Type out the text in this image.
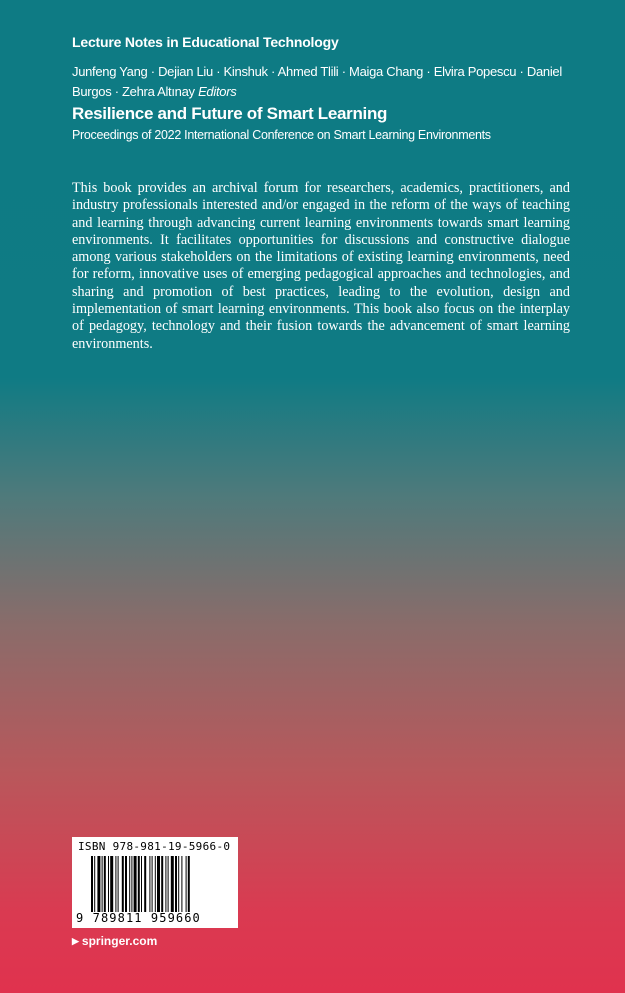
Lecture Notes in Educational Technology
Junfeng Yang · Dejian Liu · Kinshuk · Ahmed Tlili · Maiga Chang · Elvira Popescu · Daniel Burgos · Zehra Altınay Editors
Resilience and Future of Smart Learning
Proceedings of 2022 International Conference on Smart Learning Environments

This book provides an archival forum for researchers, academics, practitioners, and industry professionals interested and/or engaged in the reform of the ways of teaching and learning through advancing current learning environments towards smart learning environments. It facilitates opportunities for discussions and constructive dialogue among various stakeholders on the limitations of existing learning environments, need for reform, innovative uses of emerging pedagogical approaches and technologies, and sharing and promotion of best practices, leading to the evolution, design and implementation of smart learning environments. This book also focus on the interplay of pedagogy, technology and their fusion towards the advancement of smart learning environments.

ISBN 978-981-19-5966-0
9 789811 959660
▶ springer.com
